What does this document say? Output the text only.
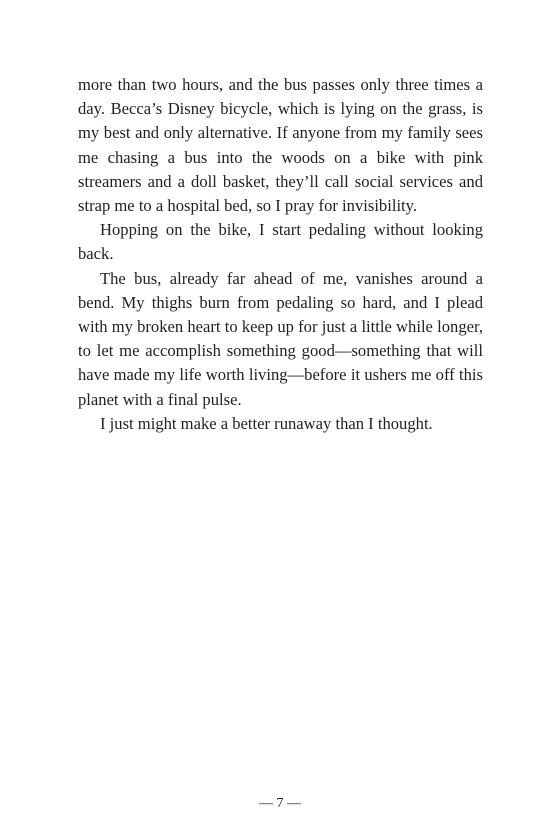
more than two hours, and the bus passes only three times a day. Becca’s Disney bicycle, which is lying on the grass, is my best and only alternative. If anyone from my family sees me chasing a bus into the woods on a bike with pink streamers and a doll basket, they’ll call social services and strap me to a hospital bed, so I pray for invisibility.

Hopping on the bike, I start pedaling without looking back.

The bus, already far ahead of me, vanishes around a bend. My thighs burn from pedaling so hard, and I plead with my broken heart to keep up for just a little while longer, to let me accomplish something good—something that will have made my life worth living—before it ushers me off this planet with a final pulse.

I just might make a better runaway than I thought.

— 7 —
